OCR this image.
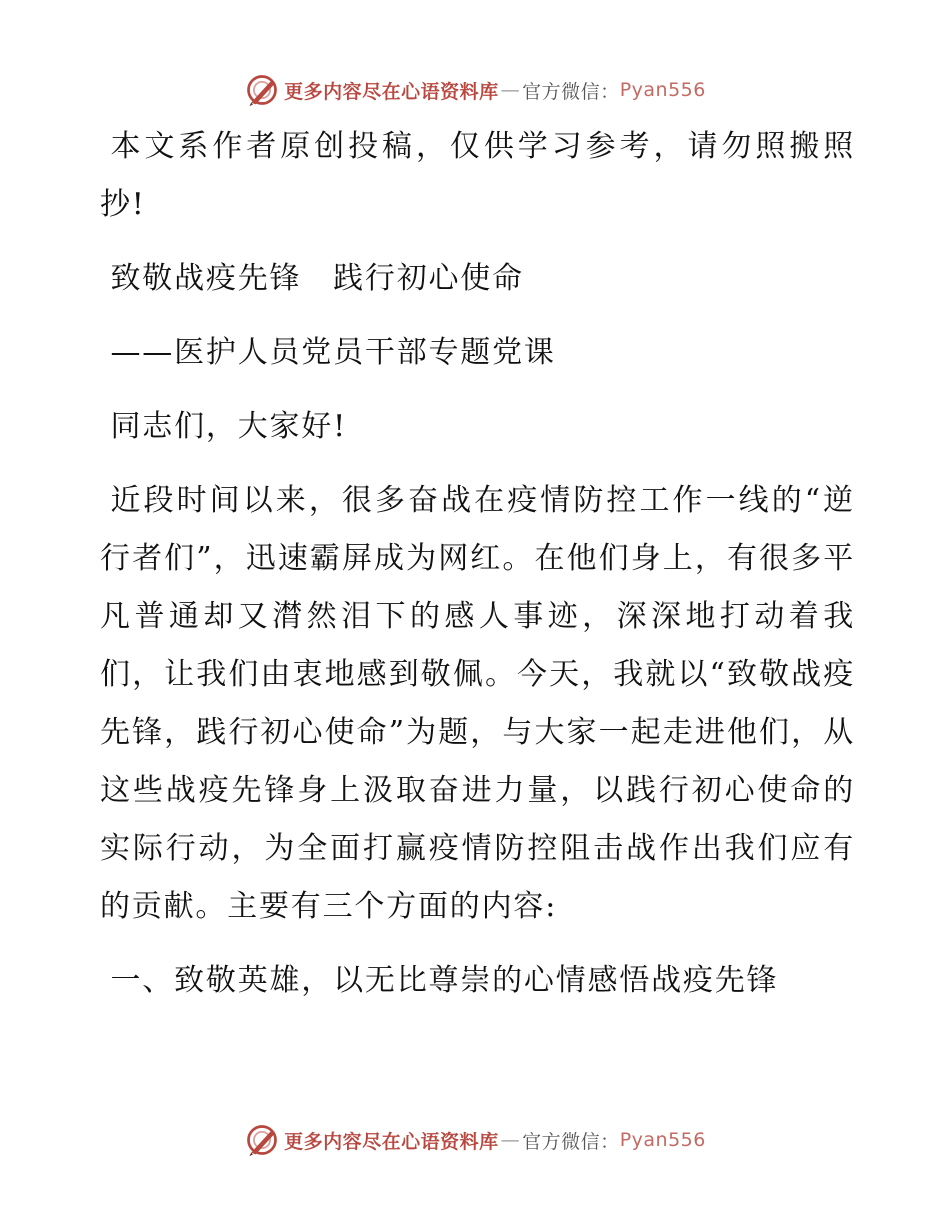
更多内容尽在心语资料库 — 官方微信： Pyan556

本文系作者原创投稿，仅供学习参考，请勿照搬照抄!

致敬战疫先锋　践行初心使命

——医护人员党员干部专题党课

同志们，大家好!

近段时间以来，很多奋战在疫情防控工作一线的“逆行者们”，迅速霸屏成为网红。在他们身上，有很多平凡普通却又潸然泪下的感人事迹，深深地打动着我们，让我们由衷地感到敬佩。今天，我就以“致敬战疫先锋，践行初心使命”为题，与大家一起走进他们，从这些战疫先锋身上汲取奋进力量，以践行初心使命的实际行动，为全面打赢疫情防控阻击战作出我们应有的贡献。主要有三个方面的内容:

一、致敬英雄，以无比尊崇的心情感悟战疫先锋

更多内容尽在心语资料库 — 官方微信： Pyan556
